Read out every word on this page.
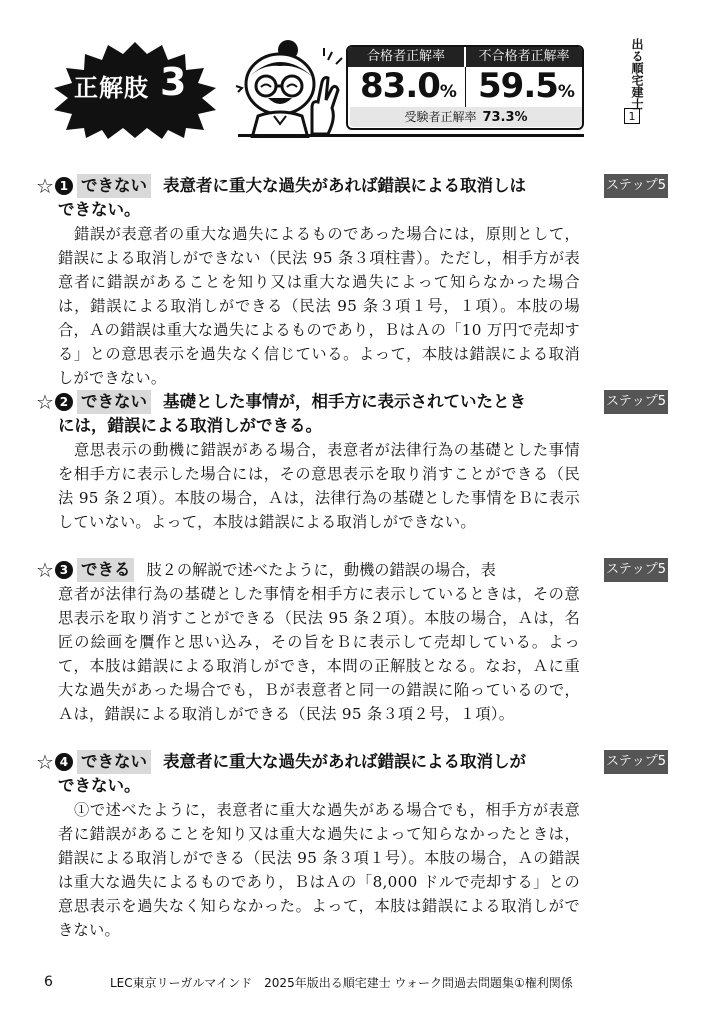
正解肢 3
合格者正解率	不合格者正解率
83.0% 59.5%
受験者正解率 73.3%
出る順宅建士
1
☆ 1 できない 表意者に重大な過失があれば錯誤による取消しは
できない。
ステップ5
錯誤が表意者の重大な過失によるものであった場合には，原則として，錯誤による取消しができない（民法 95 条３項柱書）。ただし，相手方が表意者に錯誤があることを知り又は重大な過失によって知らなかった場合は，錯誤による取消しができる（民法 95 条３項１号，１項）。本肢の場合，Ａの錯誤は重大な過失によるものであり，ＢはＡの「10 万円で売却する」との意思表示を過失なく信じている。よって，本肢は錯誤による取消しができない。
☆ 2 できない 基礎とした事情が，相手方に表示されていたとき
には，錯誤による取消しができる。
ステップ5
意思表示の動機に錯誤がある場合，表意者が法律行為の基礎とした事情を相手方に表示した場合には，その意思表示を取り消すことができる（民法 95 条２項）。本肢の場合，Ａは，法律行為の基礎とした事情をＢに表示していない。よって，本肢は錯誤による取消しができない。
☆ 3 できる 肢２の解説で述べたように，動機の錯誤の場合，表	ステップ5
意者が法律行為の基礎とした事情を相手方に表示しているときは，その意思表示を取り消すことができる（民法 95 条２項）。本肢の場合，Ａは，名匠の絵画を贋作と思い込み，その旨をＢに表示して売却している。よって，本肢は錯誤による取消しができ，本問の正解肢となる。なお，Ａに重大な過失があった場合でも，Ｂが表意者と同一の錯誤に陥っているので，Ａは，錯誤による取消しができる（民法 95 条３項２号，１項）。
☆ 4 できない 表意者に重大な過失があれば錯誤による取消しが
できない。
ステップ5
①で述べたように，表意者に重大な過失がある場合でも，相手方が表意者に錯誤があることを知り又は重大な過失によって知らなかったときは，錯誤による取消しができる（民法 95 条３項１号）。本肢の場合，Ａの錯誤は重大な過失によるものであり，ＢはＡの「8,000 ドルで売却する」との意思表示を過失なく知らなかった。よって，本肢は錯誤による取消しができない。
6	LEC東京リーガルマインド　2025年版出る順宅建士 ウォーク問過去問題集①権利関係
